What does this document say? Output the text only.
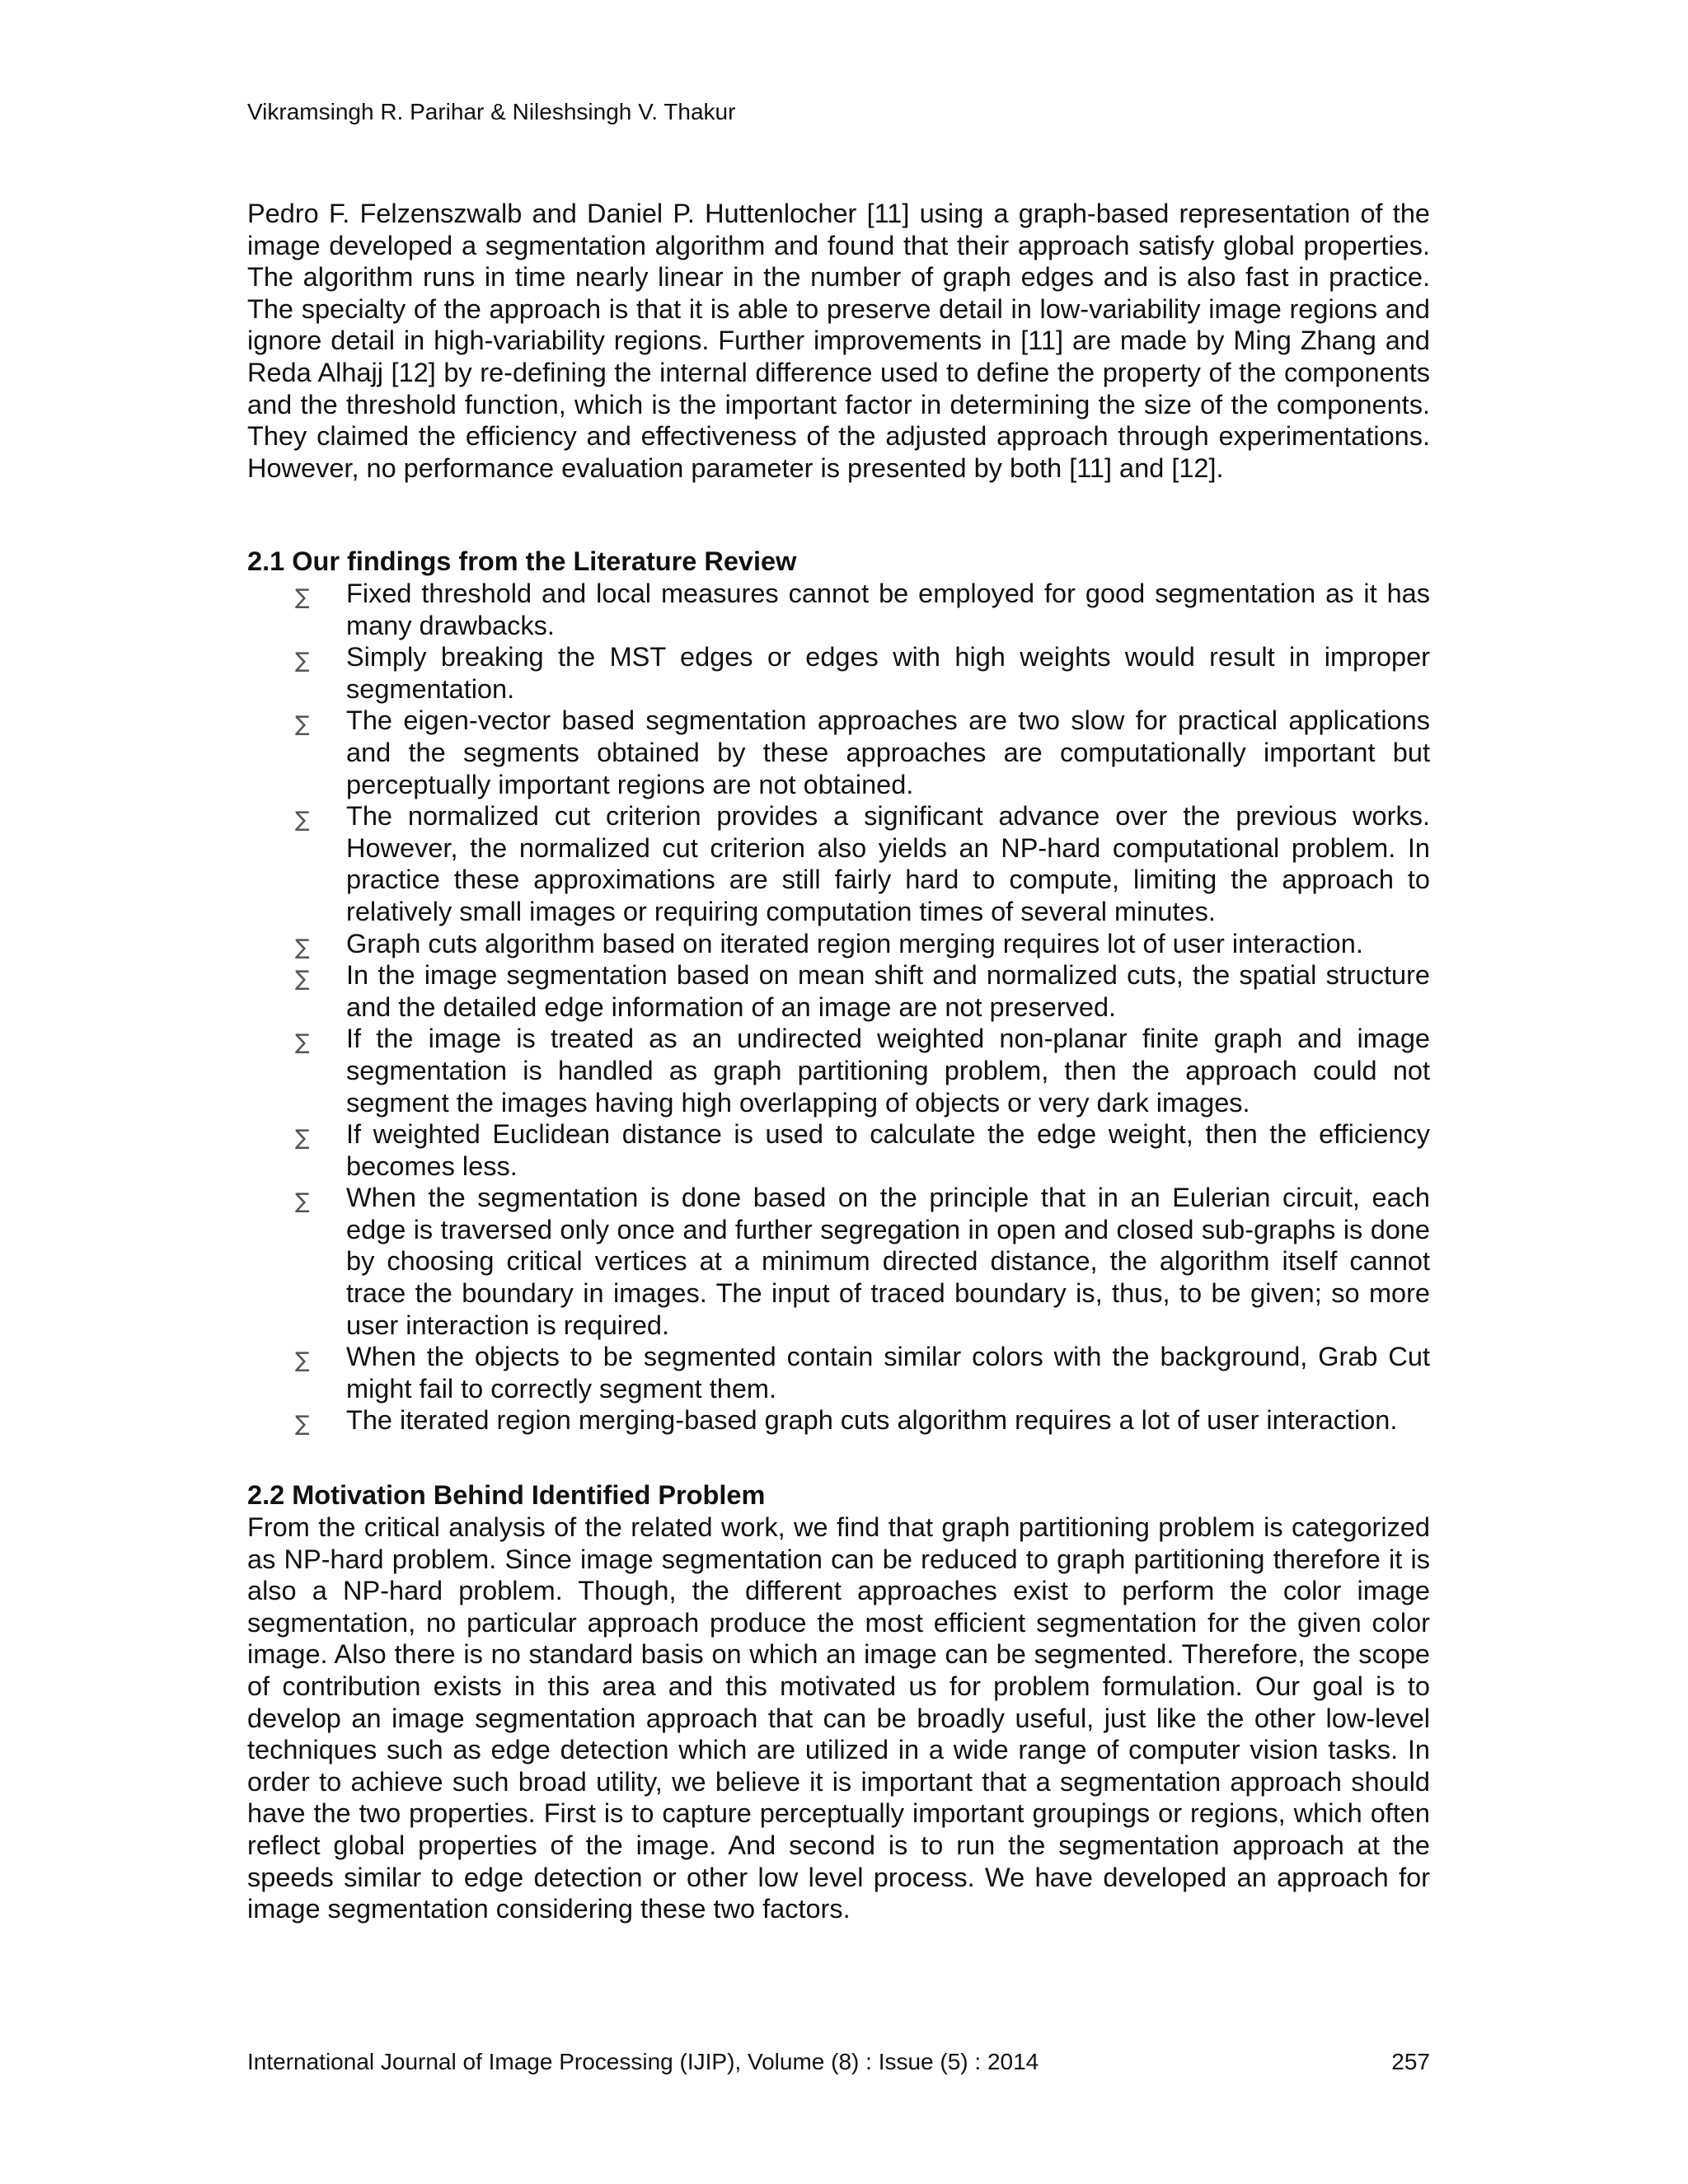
Vikramsingh R. Parihar & Nileshsingh V. Thakur

Pedro F. Felzenszwalb and Daniel P. Huttenlocher [11] using a graph-based representation of the image developed a segmentation algorithm and found that their approach satisfy global properties. The algorithm runs in time nearly linear in the number of graph edges and is also fast in practice. The specialty of the approach is that it is able to preserve detail in low-variability image regions and ignore detail in high-variability regions. Further improvements in [11] are made by Ming Zhang and Reda Alhajj [12] by re-defining the internal difference used to define the property of the components and the threshold function, which is the important factor in determining the size of the components. They claimed the efficiency and effectiveness of the adjusted approach through experimentations. However, no performance evaluation parameter is presented by both [11] and [12].

2.1 Our findings from the Literature Review
∑ Fixed threshold and local measures cannot be employed for good segmentation as it has many drawbacks.
∑ Simply breaking the MST edges or edges with high weights would result in improper segmentation.
∑ The eigen-vector based segmentation approaches are two slow for practical applications and the segments obtained by these approaches are computationally important but perceptually important regions are not obtained.
∑ The normalized cut criterion provides a significant advance over the previous works. However, the normalized cut criterion also yields an NP-hard computational problem. In practice these approximations are still fairly hard to compute, limiting the approach to relatively small images or requiring computation times of several minutes.
∑ Graph cuts algorithm based on iterated region merging requires lot of user interaction.
∑ In the image segmentation based on mean shift and normalized cuts, the spatial structure and the detailed edge information of an image are not preserved.
∑ If the image is treated as an undirected weighted non-planar finite graph and image segmentation is handled as graph partitioning problem, then the approach could not segment the images having high overlapping of objects or very dark images.
∑ If weighted Euclidean distance is used to calculate the edge weight, then the efficiency becomes less.
∑ When the segmentation is done based on the principle that in an Eulerian circuit, each edge is traversed only once and further segregation in open and closed sub-graphs is done by choosing critical vertices at a minimum directed distance, the algorithm itself cannot trace the boundary in images. The input of traced boundary is, thus, to be given; so more user interaction is required.
∑ When the objects to be segmented contain similar colors with the background, Grab Cut might fail to correctly segment them.
∑ The iterated region merging-based graph cuts algorithm requires a lot of user interaction.
2.2 Motivation Behind Identified Problem

From the critical analysis of the related work, we find that graph partitioning problem is categorized as NP-hard problem. Since image segmentation can be reduced to graph partitioning therefore it is also a NP-hard problem. Though, the different approaches exist to perform the color image segmentation, no particular approach produce the most efficient segmentation for the given color image. Also there is no standard basis on which an image can be segmented. Therefore, the scope of contribution exists in this area and this motivated us for problem formulation. Our goal is to develop an image segmentation approach that can be broadly useful, just like the other low-level techniques such as edge detection which are utilized in a wide range of computer vision tasks. In order to achieve such broad utility, we believe it is important that a segmentation approach should have the two properties. First is to capture perceptually important groupings or regions, which often reflect global properties of the image. And second is to run the segmentation approach at the speeds similar to edge detection or other low level process. We have developed an approach for image segmentation considering these two factors.

International Journal of Image Processing (IJIP), Volume (8) : Issue (5) : 2014	257
